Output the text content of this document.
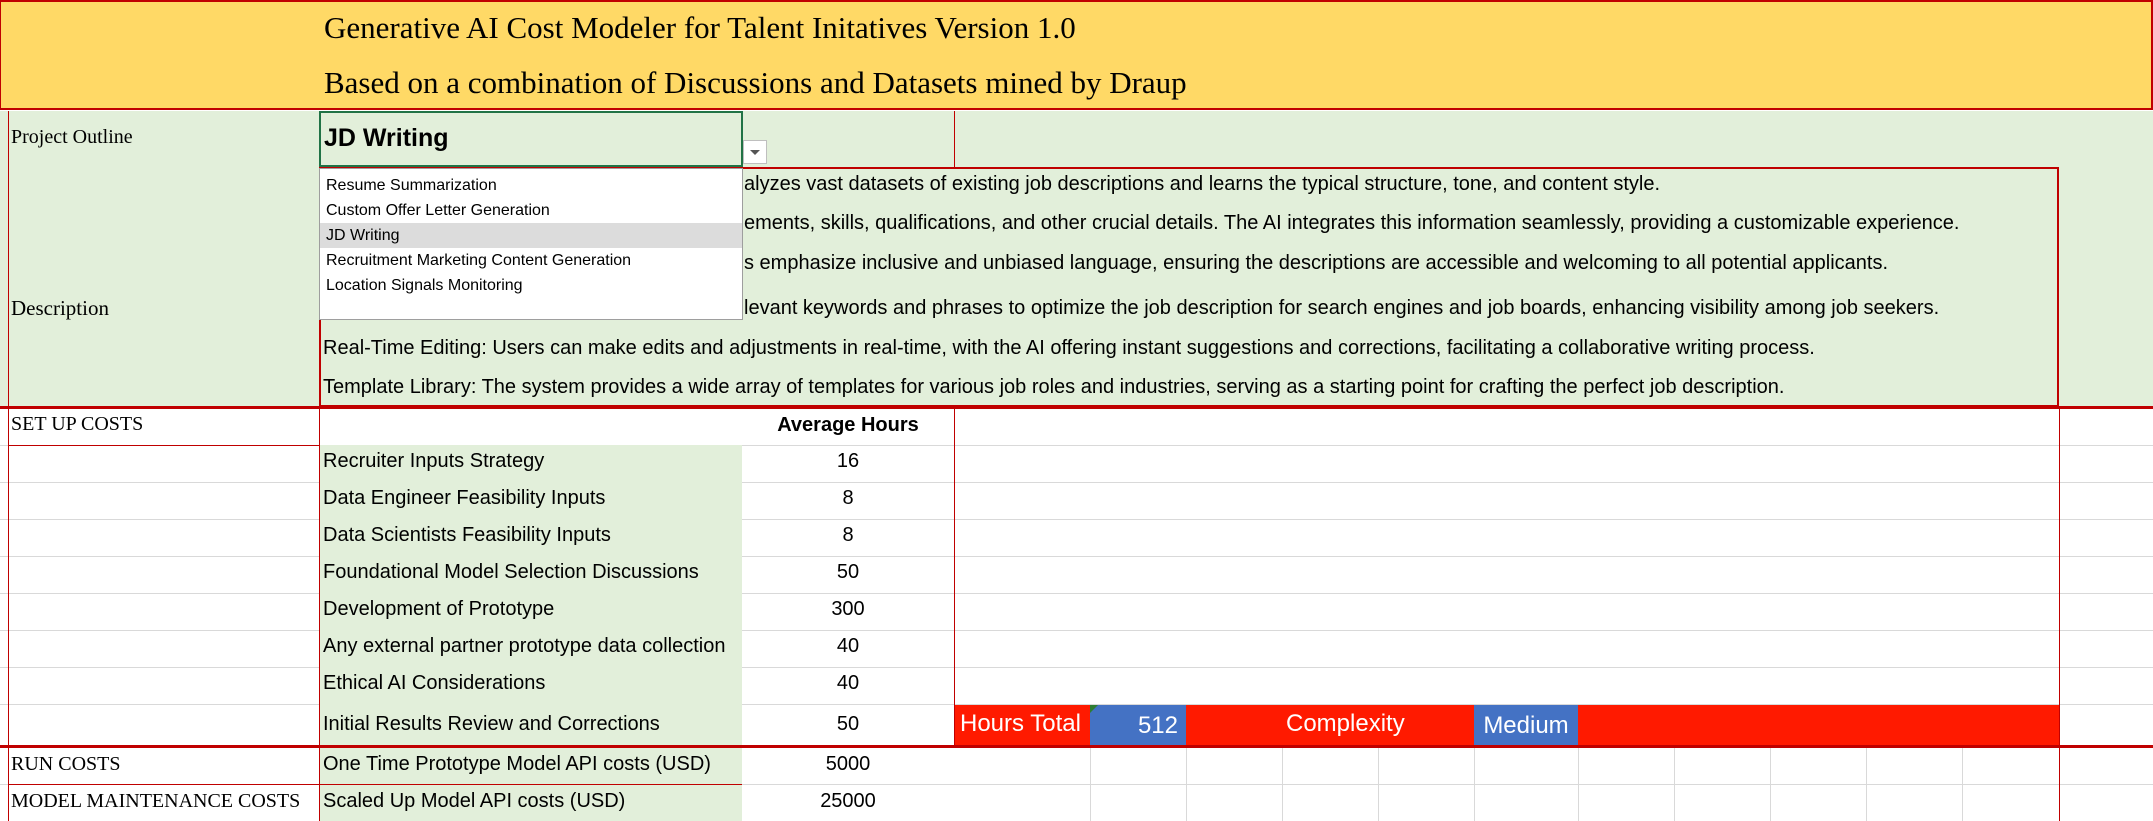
Generative AI Cost Modeler for Talent Initatives Version 1.0
Based on a combination of Discussions and Datasets mined by Draup
Project Outline	JD Writing
Description
alyzes vast datasets of existing job descriptions and learns the typical structure, tone, and content style.
ements, skills, qualifications, and other crucial details. The AI integrates this information seamlessly, providing a customizable experience.
s emphasize inclusive and unbiased language, ensuring the descriptions are accessible and welcoming to all potential applicants.
levant keywords and phrases to optimize the job description for search engines and job boards, enhancing visibility among job seekers.
Real-Time Editing: Users can make edits and adjustments in real-time, with the AI offering instant suggestions and corrections, facilitating a collaborative writing process.
Template Library: The system provides a wide array of templates for various job roles and industries, serving as a starting point for crafting the perfect job description.
Resume Summarization
Custom Offer Letter Generation
JD Writing
Recruitment Marketing Content Generation
Location Signals Monitoring
SET UP COSTS	Average Hours
Recruiter Inputs Strategy	16
Data Engineer Feasibility Inputs	8
Data Scientists Feasibility Inputs	8
Foundational Model Selection Discussions	50
Development of Prototype	300
Any external partner prototype data collection	40
Ethical AI Considerations	40
Initial Results Review and Corrections	50	Hours Total	512	Complexity	Medium
RUN COSTS	One Time Prototype Model API costs (USD)	5000
MODEL MAINTENANCE COSTS	Scaled Up Model API costs (USD)	25000
